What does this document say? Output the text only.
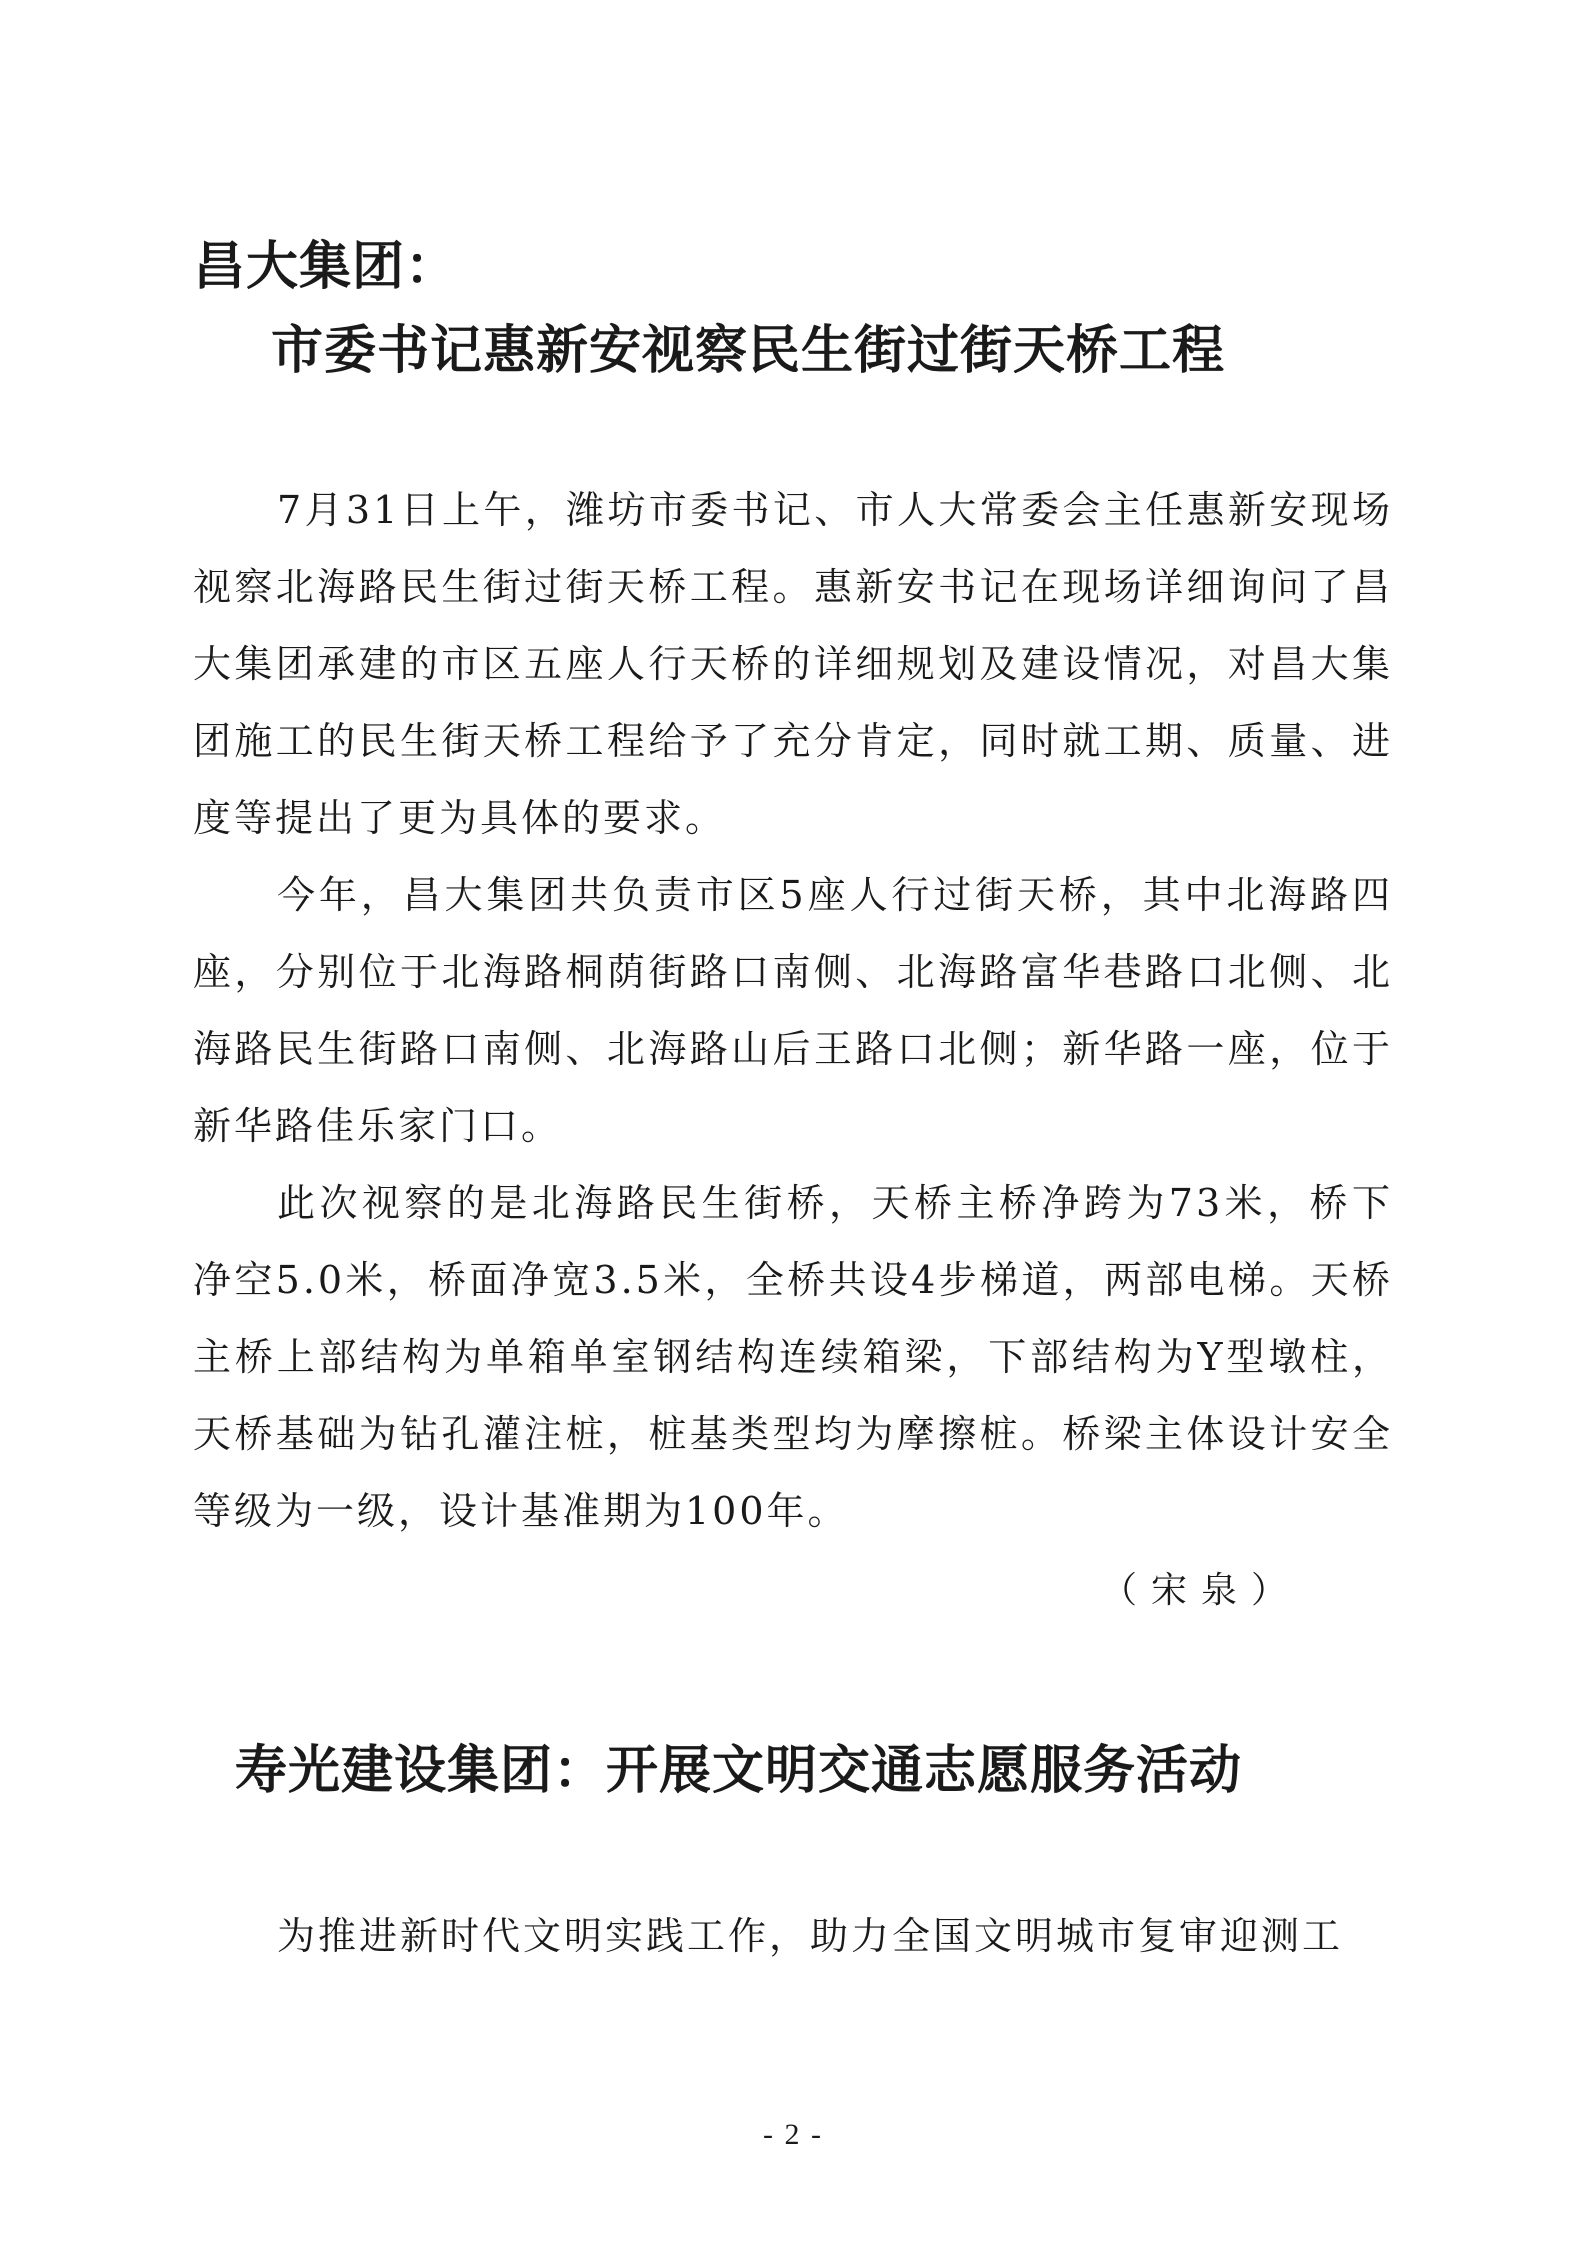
昌大集团：
市委书记惠新安视察民生街过街天桥工程

7月31日上午，潍坊市委书记、市人大常委会主任惠新安现场视察北海路民生街过街天桥工程。惠新安书记在现场详细询问了昌大集团承建的市区五座人行天桥的详细规划及建设情况，对昌大集团施工的民生街天桥工程给予了充分肯定，同时就工期、质量、进度等提出了更为具体的要求。

今年，昌大集团共负责市区5座人行过街天桥，其中北海路四座，分别位于北海路桐荫街路口南侧、北海路富华巷路口北侧、北海路民生街路口南侧、北海路山后王路口北侧；新华路一座，位于新华路佳乐家门口。

此次视察的是北海路民生街桥，天桥主桥净跨为73米，桥下净空5.0米，桥面净宽3.5米，全桥共设4步梯道，两部电梯。天桥主桥上部结构为单箱单室钢结构连续箱梁，下部结构为Y型墩柱，天桥基础为钻孔灌注桩，桩基类型均为摩擦桩。桥梁主体设计安全等级为一级，设计基准期为100年。

（宋泉）

寿光建设集团：开展文明交通志愿服务活动

为推进新时代文明实践工作，助力全国文明城市复审迎测工

- 2 -
